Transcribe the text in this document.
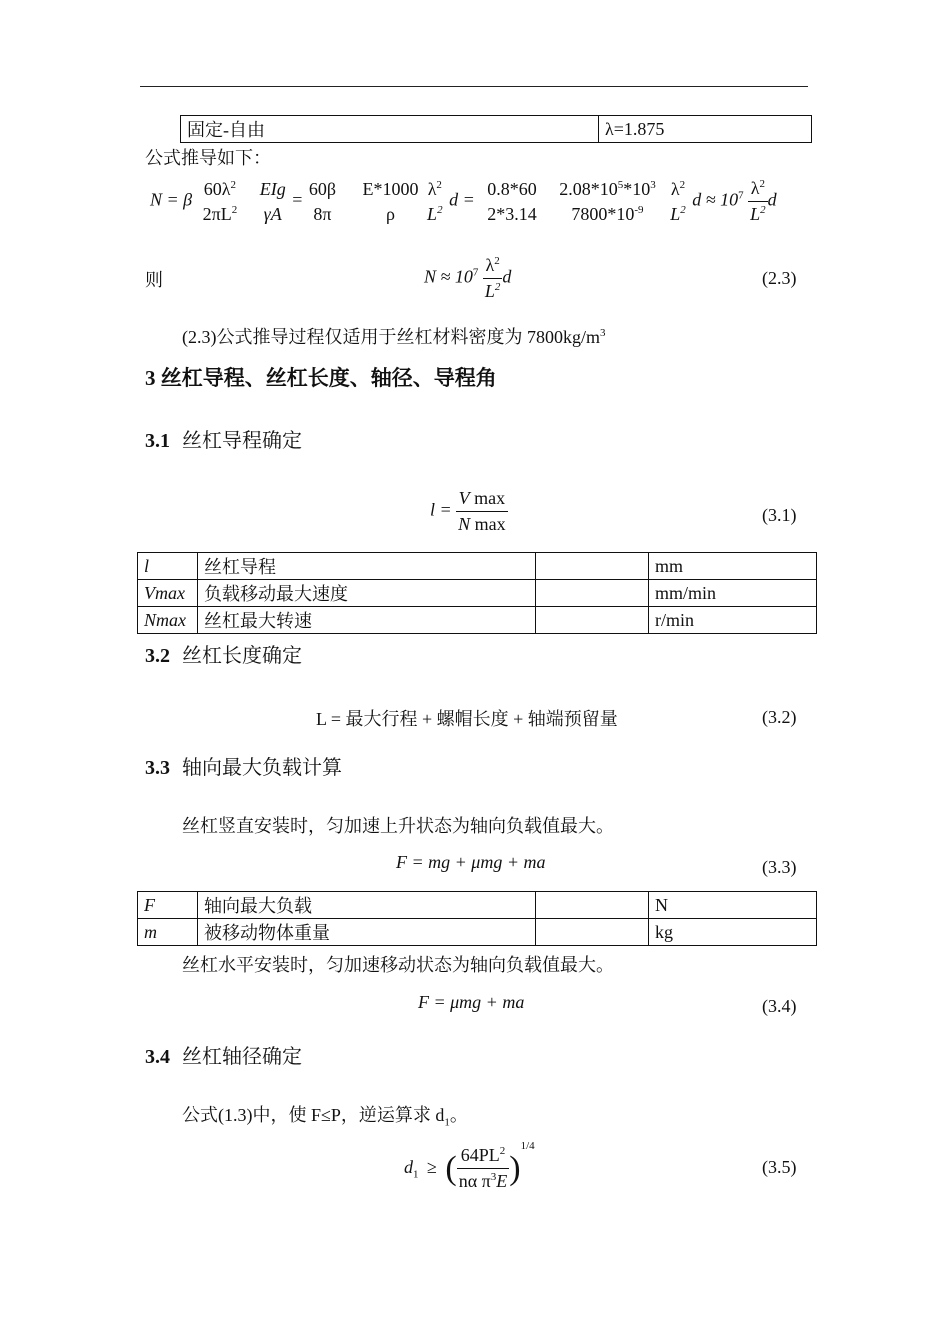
固定-自由	λ=1.875
公式推导如下：
N = β
$60\lambda^2$
$2\pi L^2$

EIg
γA
=
60β
8π

E*1000
ρ

$\lambda^2$
$L^2$ d =
0.8*60
2*3.14

$2.08*10^5*10^3$
$7800*10^{-9}$

$\lambda^2$
$L^2$ $d \approx 10^7 \frac{\lambda^2}{L^2}$ d
则	$N \approx 10^7 \frac{\lambda^2}{L^2}$ d	(2.3)
(2.3)公式推导过程仅适用于丝杠材料密度为 $7800kg/m^3$
3 丝杠导程、丝杠长度、轴径、导程角
3.1 丝杠导程确定
$l = \frac{\text{V max}}{\text{N max}}$	(3.1)
l	丝杠导程		mm
Vmax	负载移动最大速度		mm/min
Nmax	丝杠最大转速		r/min
3.2 丝杠长度确定
L = 最大行程 + 螺帽长度 + 轴端预留量	(3.2)
3.3 轴向最大负载计算
丝杠竖直安装时，匀加速上升状态为轴向负载值最大。
F = mg + μmg + ma	(3.3)
F	轴向最大负载		N
m	被移动物体重量		kg
丝杠水平安装时，匀加速移动状态为轴向负载值最大。
F = μmg + ma	(3.4)
3.4 丝杠轴径确定
公式(1.3)中，使 F≤P，逆运算求 $d_1$。
$d_1$ ≥ ( $\frac{64PL^2}{n\alpha \pi^3E} )^{1/4}$
(3.5)
